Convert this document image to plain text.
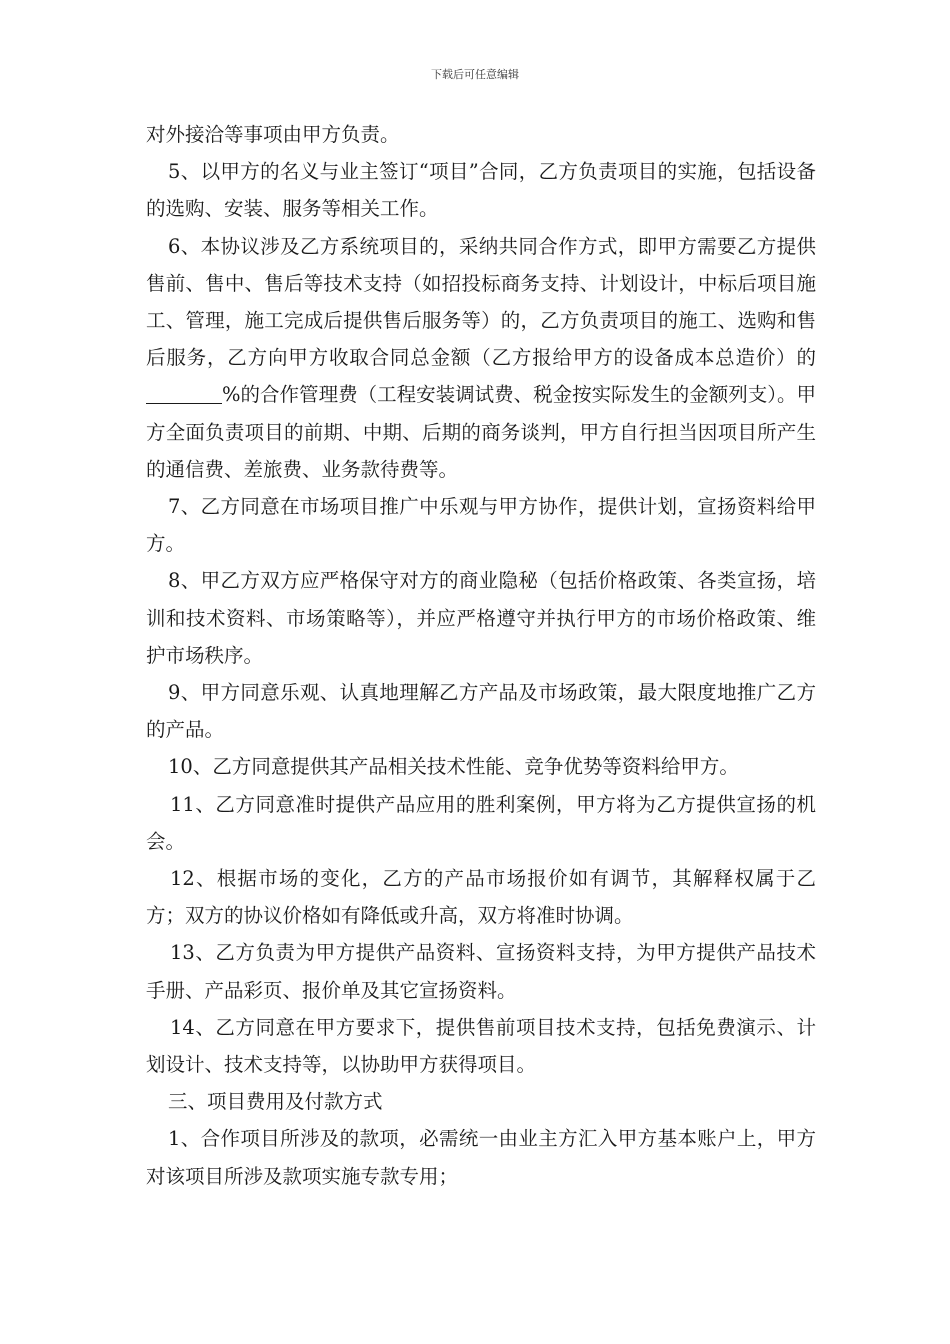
下载后可任意编辑

对外接洽等事项由甲方负责。

5、以甲方的名义与业主签订“项目”合同，乙方负责项目的实施，包括设备的选购、安装、服务等相关工作。

6、本协议涉及乙方系统项目的，采纳共同合作方式，即甲方需要乙方提供售前、售中、售后等技术支持（如招投标商务支持、计划设计，中标后项目施工、管理，施工完成后提供售后服务等）的，乙方负责项目的施工、选购和售后服务，乙方向甲方收取合同总金额（乙方报给甲方的设备成本总造价）的%的合作管理费（工程安装调试费、税金按实际发生的金额列支）。甲方全面负责项目的前期、中期、后期的商务谈判，甲方自行担当因项目所产生的通信费、差旅费、业务款待费等。

7、乙方同意在市场项目推广中乐观与甲方协作，提供计划，宣扬资料给甲方。

8、甲乙方双方应严格保守对方的商业隐秘（包括价格政策、各类宣扬，培训和技术资料、市场策略等），并应严格遵守并执行甲方的市场价格政策、维护市场秩序。

9、甲方同意乐观、认真地理解乙方产品及市场政策，最大限度地推广乙方的产品。

10、乙方同意提供其产品相关技术性能、竞争优势等资料给甲方。

11、乙方同意准时提供产品应用的胜利案例，甲方将为乙方提供宣扬的机会。

12、根据市场的变化，乙方的产品市场报价如有调节，其解释权属于乙方；双方的协议价格如有降低或升高，双方将准时协调。

13、乙方负责为甲方提供产品资料、宣扬资料支持，为甲方提供产品技术手册、产品彩页、报价单及其它宣扬资料。

14、乙方同意在甲方要求下，提供售前项目技术支持，包括免费演示、计划设计、技术支持等，以协助甲方获得项目。

三、项目费用及付款方式

1、合作项目所涉及的款项，必需统一由业主方汇入甲方基本账户上，甲方对该项目所涉及款项实施专款专用；
